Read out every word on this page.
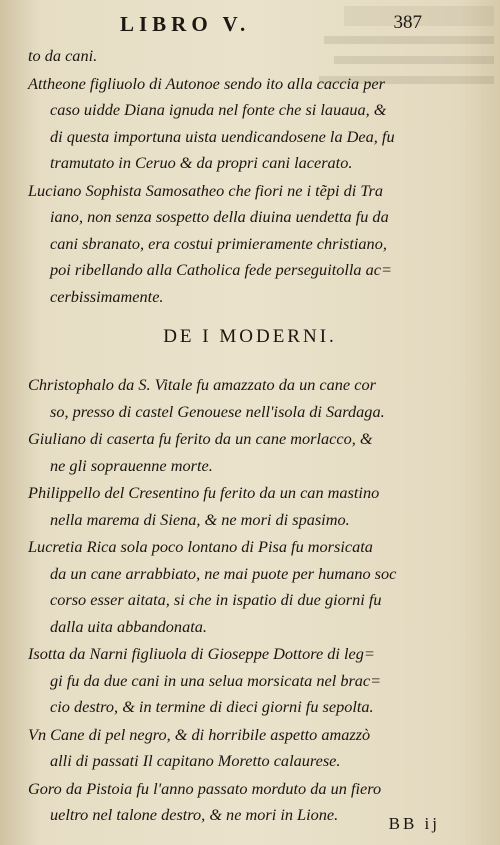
LIBRO V.	387
to da cani.
Attheone figliuolo di Autonoe sendo ito alla caccia per
caso uidde Diana ignuda nel fonte che si lauaua, &
di questa importuna uista uendicandosene la Dea, fu
tramutato in Ceruo & da propri cani lacerato.
Luciano Sophista Samosatheo che fiori ne i tẽpi di Tra
iano, non senza sospetto della diuina uendetta fu da
cani sbranato, era costui primieramente christiano,
poi ribellando alla Catholica fede perseguitolla ac=
cerbissimamente.
DE I MODERNI.
Christophalo da S. Vitale fu amazzato da un cane cor
so, presso di castel Genouese nell'isola di Sardaga.
Giuliano di caserta fu ferito da un cane morlacco, &
ne gli soprauenne morte.
Philippello del Cresentino fu ferito da un can mastino
nella marema di Siena, & ne mori di spasimo.
Lucretia Rica sola poco lontano di Pisa fu morsicata
da un cane arrabbiato, ne mai puote per humano soc
corso esser aitata, si che in ispatio di due giorni fu
dalla uita abbandonata.
Isotta da Narni figliuola di Gioseppe Dottore di leg=
gi fu da due cani in una selua morsicata nel brac=
cio destro, & in termine di dieci giorni fu sepolta.
Vn Cane di pel negro, & di horribile aspetto amazzò
alli di passati Il capitano Moretto calaurese.
Goro da Pistoia fu l'anno passato morduto da un fiero
ueltro nel talone destro, & ne mori in Lione.	BB ij
